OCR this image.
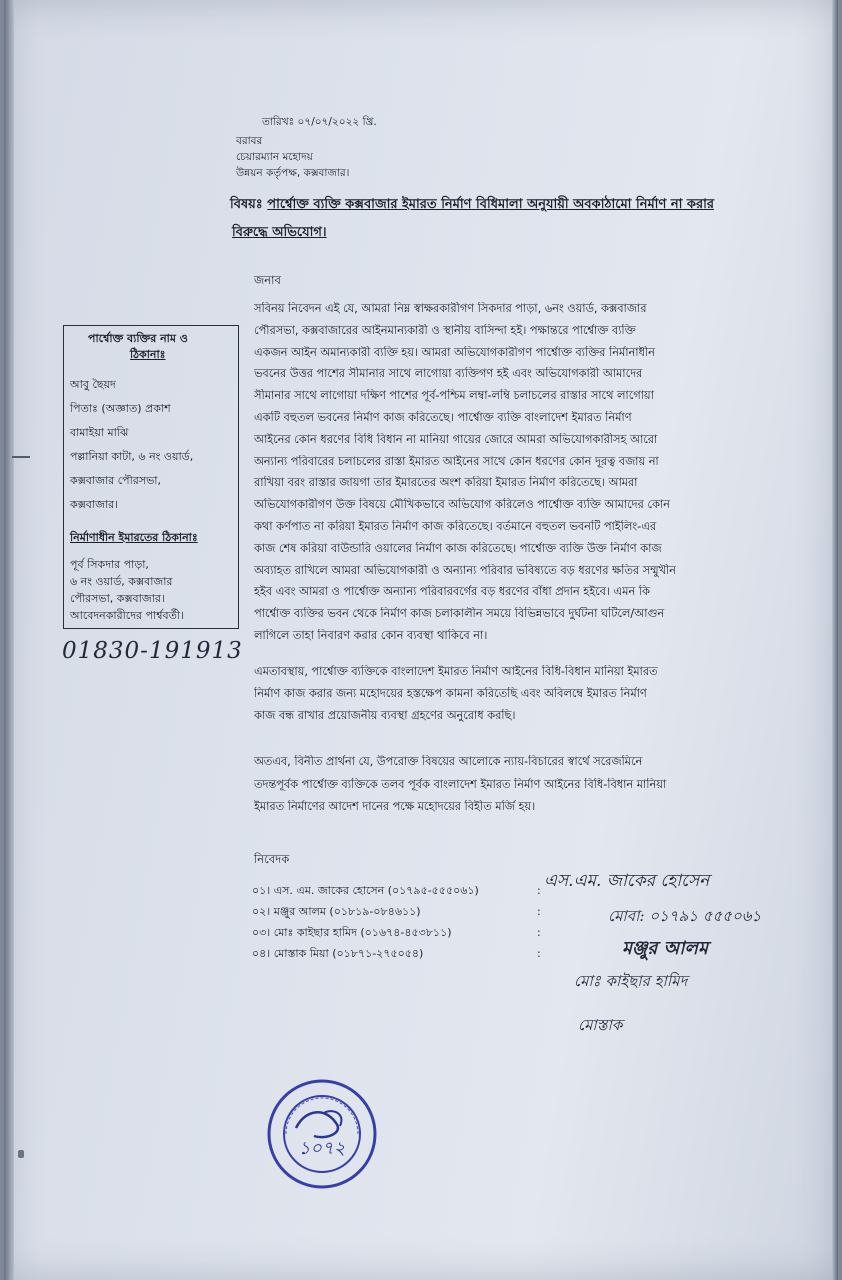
তারিখঃ ০৭/০৭/২০২২ খ্রি.
বরাবর
চেয়ারম্যান মহোদয়
উন্নয়ন কর্তৃপক্ষ, কক্সবাজার।
বিষয়ঃ পার্শ্বোক্ত ব্যক্তি কক্সবাজার ইমারত নির্মাণ বিধিমালা অনুযায়ী অবকাঠামো নির্মাণ না করার
বিরুদ্ধে অভিযোগ।
জনাব
সবিনয় নিবেদন এই যে, আমরা নিম্ন স্বাক্ষরকারীগণ সিকদার পাড়া, ৬নং ওয়ার্ড, কক্সবাজার
পৌরসভা, কক্সবাজারের আইনমান্যকারী ও স্থানীয় বাসিন্দা হই। পক্ষান্তরে পার্শ্বোক্ত ব্যক্তি
একজন আইন অমান্যকারী ব্যক্তি হয়। আমরা অভিযোগকারীগণ পার্শ্বোক্ত ব্যক্তির নির্মানাধীন
ভবনের উত্তর পাশের সীমানার সাথে লাগোয়া ব্যক্তিগণ হই এবং অভিযোগকারী আমাদের
সীমানার সাথে লাগোয়া দক্ষিণ পাশের পূর্ব-পশ্চিম লম্বা-লম্বি চলাচলের রাস্তার সাথে লাগোয়া
একটি বহুতল ভবনের নির্মাণ কাজ করিতেছে। পার্শ্বোক্ত ব্যক্তি বাংলাদেশ ইমারত নির্মাণ
আইনের কোন ধরণের বিধি বিধান না মানিয়া গায়ের জোরে আমরা অভিযোগকারীসহ আরো
অন্যান্য পরিবারের চলাচলের রাস্তা ইমারত আইনের সাথে কোন ধরণের কোন দূরত্ব বজায় না
রাখিয়া বরং রাস্তার জায়গা তার ইমারতের অংশ করিয়া ইমারত নির্মাণ করিতেছে। আমরা
অভিযোগকারীগণ উক্ত বিষয়ে মৌখিকভাবে অভিযোগ করিলেও পার্শ্বোক্ত ব্যক্তি আমাদের কোন
কথা কর্ণপাত না করিয়া ইমারত নির্মাণ কাজ করিতেছে। বর্তমানে বহুতল ভবনটি পাইলিং-এর
কাজ শেষ করিয়া বাউন্ডারি ওয়ালের নির্মাণ কাজ করিতেছে। পার্শ্বোক্ত ব্যক্তি উক্ত নির্মাণ কাজ
অব্যাহত রাখিলে আমরা অভিযোগকারী ও অন্যান্য পরিবার ভবিষ্যতে বড় ধরণের ক্ষতির সম্মুখীন
হইব এবং আমরা ও পার্শ্বোক্ত অন্যান্য পরিবারবর্গের বড় ধরণের বাঁধা প্রদান হইবে। এমন কি
পার্শ্বোক্ত ব্যক্তির ভবন থেকে নির্মাণ কাজ চলাকালীন সময়ে বিভিন্নভাবে দুর্ঘটনা ঘটিলে/আগুন
লাগিলে তাহা নিবারণ করার কোন ব্যবস্থা থাকিবে না।
এমতাবস্থায়, পার্শ্বোক্ত ব্যক্তিকে বাংলাদেশ ইমারত নির্মাণ আইনের বিধি-বিধান মানিয়া ইমারত
নির্মাণ কাজ করার জন্য মহোদয়ের হস্তক্ষেপ কামনা করিতেছি এবং অবিলম্বে ইমারত নির্মাণ
কাজ বন্ধ রাখার প্রয়োজনীয় ব্যবস্থা গ্রহণের অনুরোধ করছি।
অতএব, বিনীত প্রার্থনা যে, উপরোক্ত বিষয়ের আলোকে ন্যায়-বিচারের স্বার্থে সরেজমিনে
তদন্তপূর্বক পার্শ্বোক্ত ব্যক্তিকে তলব পূর্বক বাংলাদেশ ইমারত নির্মাণ আইনের বিধি-বিধান মানিয়া
ইমারত নির্মাণের আদেশ দানের পক্ষে মহোদয়ের বিহীত মর্জি হয়।
পার্শ্বোক্ত ব্যক্তির নাম ও
ঠিকানাঃ
আবু ছৈয়দ
পিতাঃ (অজ্ঞাত) প্রকাশ
বামাইয়া মাঝি
পল্লানিয়া কাটা, ৬ নং ওয়ার্ড,
কক্সবাজার পৌরসভা,
কক্সবাজার।
নির্মাণাধীন ইমারতের ঠিকানাঃ
পূর্ব সিকদার পাড়া,
৬ নং ওয়ার্ড, কক্সবাজার
পৌরসভা, কক্সবাজার।
আবেদনকারীদের পার্শ্ববর্তী।
01830-191913
নিবেদক
০১। এস. এম. জাকের হোসেন (০১৭৯৫-৫৫৫০৬১)	:
০২। মঞ্জুর আলম (০১৮১৯-০৮৪৬১১)	:
০৩। মোঃ কাইছার হামিদ (০১৬৭৪-৪৫৩৮১১)	:
০৪। মোস্তাক মিয়া (০১৮৭১-২৭৫০৫৪)	:
এস.এম. জাকের হোসেন
মোবা: ০১৭৯১ ৫৫৫০৬১
মঞ্জুর আলম
মোঃ কাইছার হামিদ
মোস্তাক
১০৭২
